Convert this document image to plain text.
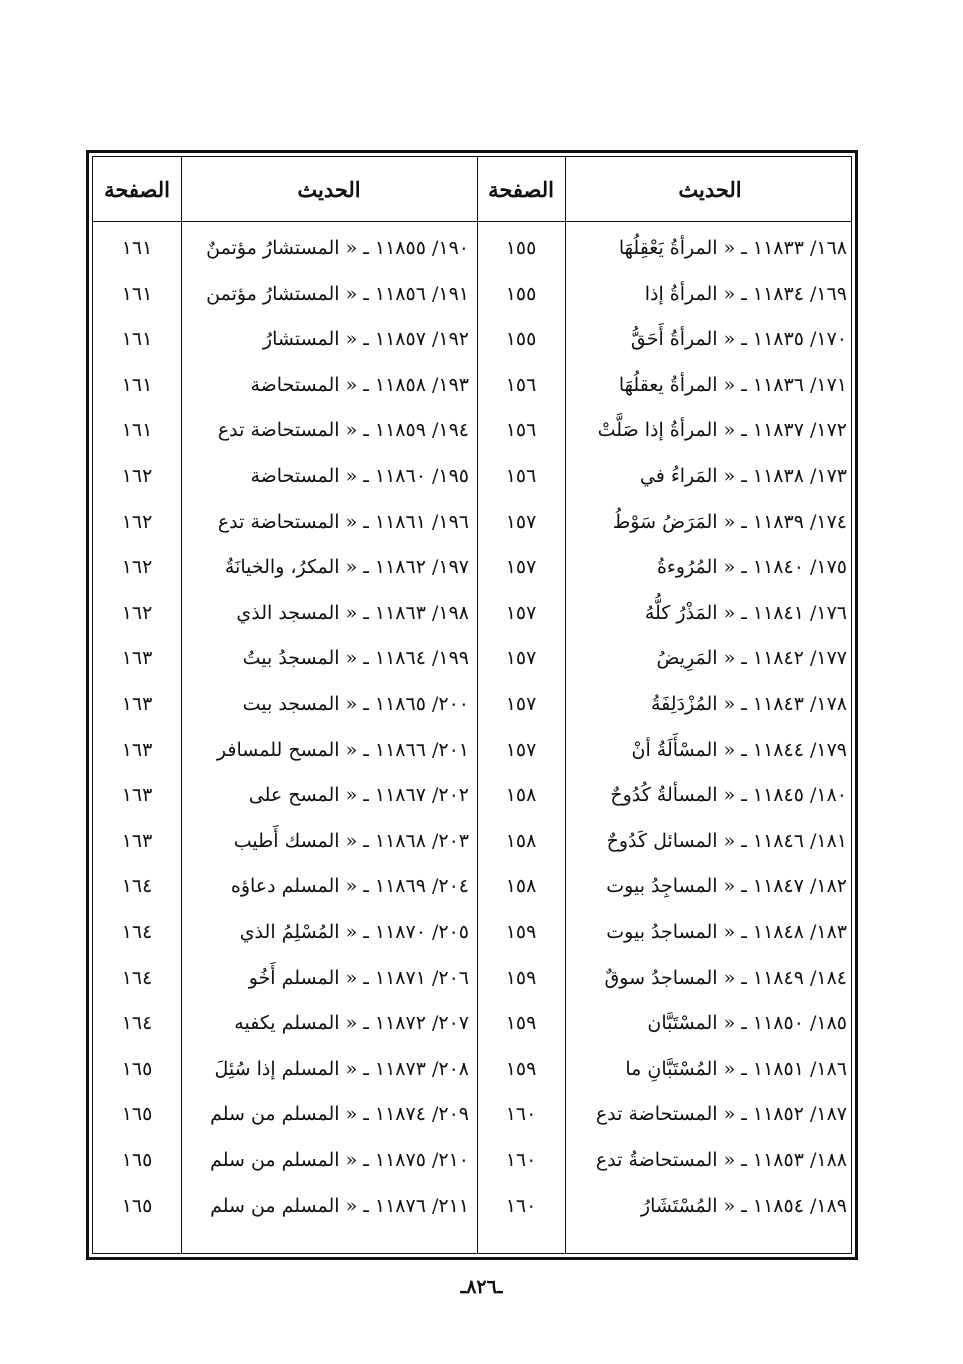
الحديث
الصفحة
الحديث
الصفحة
١٦٨/ ١١٨٣٣ ـ « المرأةُ يَعْقِلُهَا
١٥٥
١٩٠/ ١١٨٥٥ ـ « المستشارُ مؤتمنٌ
١٦١
١٦٩/ ١١٨٣٤ ـ « المرأةُ إذا
١٥٥
١٩١/ ١١٨٥٦ ـ « المستشارُ مؤتمن
١٦١
١٧٠/ ١١٨٣٥ ـ « المرأةُ أَحَقُّ
١٥٥
١٩٢/ ١١٨٥٧ ـ « المستشارُ
١٦١
١٧١/ ١١٨٣٦ ـ « المرأةُ يعقلُهَا
١٥٦
١٩٣/ ١١٨٥٨ ـ « المستحاضة
١٦١
١٧٢/ ١١٨٣٧ ـ « المرأةُ إذا صَلَّتْ
١٥٦
١٩٤/ ١١٨٥٩ ـ « المستحاضة تدع
١٦١
١٧٣/ ١١٨٣٨ ـ « المَراءُ في
١٥٦
١٩٥/ ١١٨٦٠ ـ « المستحاضة
١٦٢
١٧٤/ ١١٨٣٩ ـ « المَرَضُ سَوْطُ
١٥٧
١٩٦/ ١١٨٦١ ـ « المستحاضة تدع
١٦٢
١٧٥/ ١١٨٤٠ ـ « المُرُوءةُ
١٥٧
١٩٧/ ١١٨٦٢ ـ « المكرُ، والخيانَةُ
١٦٢
١٧٦/ ١١٨٤١ ـ « المَذْرُ كلُّهُ
١٥٧
١٩٨/ ١١٨٦٣ ـ « المسجد الذي
١٦٢
١٧٧/ ١١٨٤٢ ـ « المَرِيضُ
١٥٧
١٩٩/ ١١٨٦٤ ـ « المسجدُ بيتُ
١٦٣
١٧٨/ ١١٨٤٣ ـ « المُزْدَلِفَةُ
١٥٧
٢٠٠/ ١١٨٦٥ ـ « المسجد بيت
١٦٣
١٧٩/ ١١٨٤٤ ـ « المسْأَلَةُ أنْ
١٥٧
٢٠١/ ١١٨٦٦ ـ « المسح للمسافر
١٦٣
١٨٠/ ١١٨٤٥ ـ « المسألةُ كُدُوحٌ
١٥٨
٢٠٢/ ١١٨٦٧ ـ « المسح على
١٦٣
١٨١/ ١١٨٤٦ ـ « المسائل كَدُوحٌ
١٥٨
٢٠٣/ ١١٨٦٨ ـ « المسك أَطيب
١٦٣
١٨٢/ ١١٨٤٧ ـ « المساجِدُ بيوت
١٥٨
٢٠٤/ ١١٨٦٩ ـ « المسلم دعاؤه
١٦٤
١٨٣/ ١١٨٤٨ ـ « المساجدُ بيوت
١٥٩
٢٠٥/ ١١٨٧٠ ـ « المُسْلِمُ الذي
١٦٤
١٨٤/ ١١٨٤٩ ـ « المساجدُ سوقٌ
١٥٩
٢٠٦/ ١١٨٧١ ـ « المسلم أَخُو
١٦٤
١٨٥/ ١١٨٥٠ ـ « المسْتَبَّان
١٥٩
٢٠٧/ ١١٨٧٢ ـ « المسلم يكفيه
١٦٤
١٨٦/ ١١٨٥١ ـ « المُسْتَبَّانِ ما
١٥٩
٢٠٨/ ١١٨٧٣ ـ « المسلم إذا سُئِلَ
١٦٥
١٨٧/ ١١٨٥٢ ـ « المستحاضة تدع
١٦٠
٢٠٩/ ١١٨٧٤ ـ « المسلم من سلم
١٦٥
١٨٨/ ١١٨٥٣ ـ « المستحاضةُ تدع
١٦٠
٢١٠/ ١١٨٧٥ ـ « المسلم من سلم
١٦٥
١٨٩/ ١١٨٥٤ ـ « المُسْتَشَارُ
١٦٠
٢١١/ ١١٨٧٦ ـ « المسلم من سلم
١٦٥
ـ٨٢٦ـ
